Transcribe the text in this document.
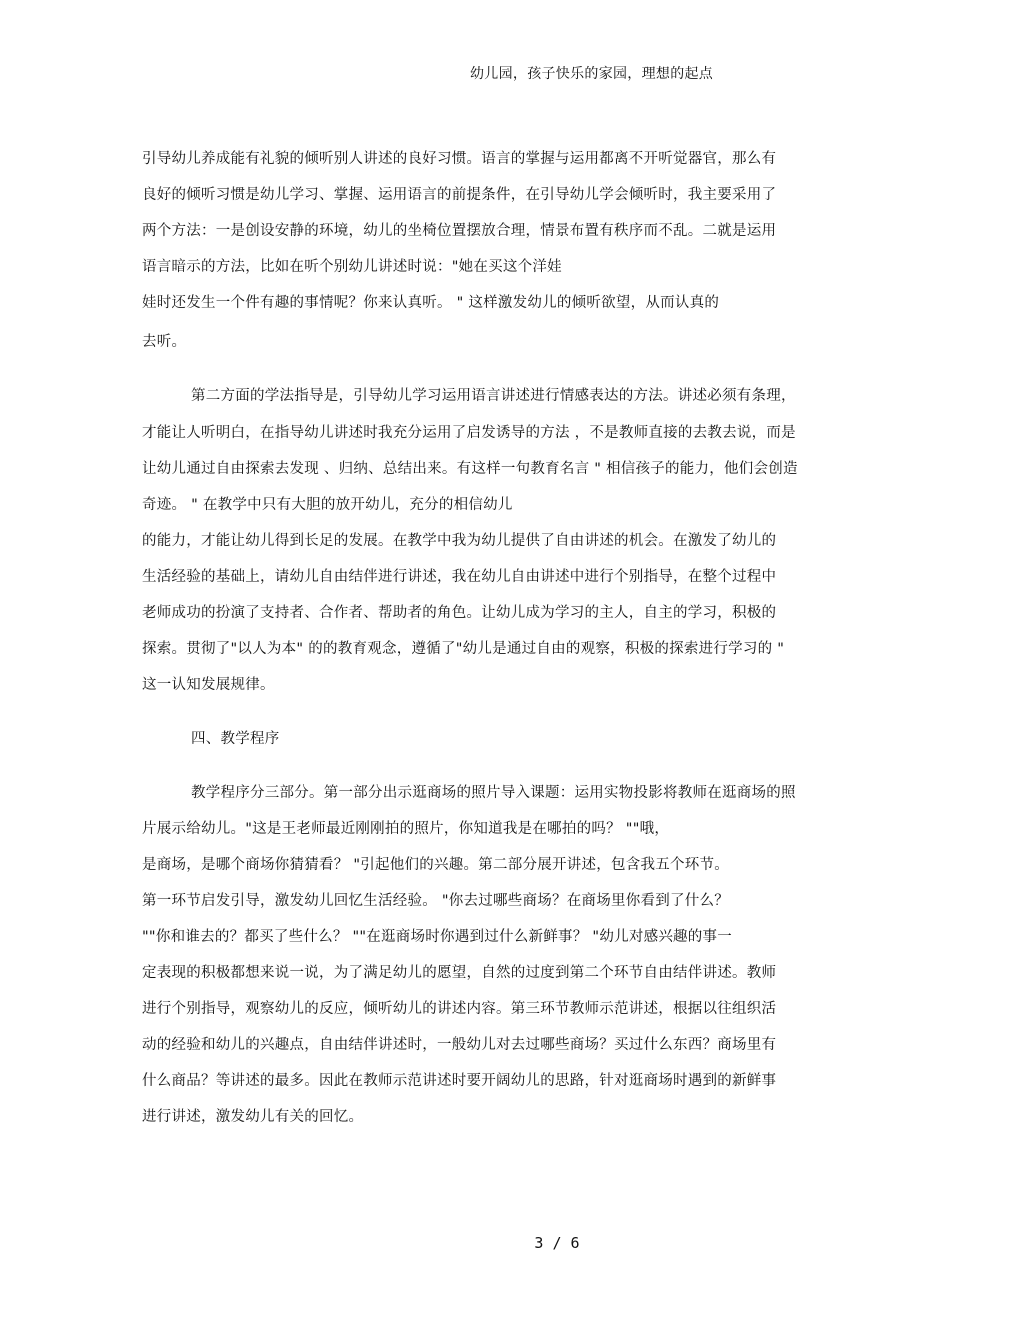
幼儿园，孩子快乐的家园，理想的起点
引导幼儿养成能有礼貌的倾听别人讲述的良好习惯。语言的掌握与运用都离不开听觉器官，那么有
良好的倾听习惯是幼儿学习、掌握、运用语言的前提条件，在引导幼儿学会倾听时，我主要采用了
两个方法：一是创设安静的环境，幼儿的坐椅位置摆放合理，情景布置有秩序而不乱。二就是运用
语言暗示的方法，比如在听个别幼儿讲述时说："她在买这个洋娃
娃时还发生一个件有趣的事情呢？你来认真听。 " 这样激发幼儿的倾听欲望，从而认真的
去听。
第二方面的学法指导是，引导幼儿学习运用语言讲述进行情感表达的方法。讲述必须有条理，
才能让人听明白，在指导幼儿讲述时我充分运用了启发诱导的方法 ，不是教师直接的去教去说，而是
让幼儿通过自由探索去发现 、归纳、总结出来。有这样一句教育名言 " 相信孩子的能力，他们会创造
奇迹。 " 在教学中只有大胆的放开幼儿，充分的相信幼儿
的能力，才能让幼儿得到长足的发展。在教学中我为幼儿提供了自由讲述的机会。在激发了幼儿的
生活经验的基础上，请幼儿自由结伴进行讲述，我在幼儿自由讲述中进行个别指导，在整个过程中
老师成功的扮演了支持者、合作者、帮助者的角色。让幼儿成为学习的主人，自主的学习，积极的
探索。贯彻了"以人为本" 的的教育观念，遵循了"幼儿是通过自由的观察，积极的探索进行学习的 "
这一认知发展规律。
四、教学程序
教学程序分三部分。第一部分出示逛商场的照片导入课题：运用实物投影将教师在逛商场的照
片展示给幼儿。"这是王老师最近刚刚拍的照片，你知道我是在哪拍的吗？ ""哦，
是商场，是哪个商场你猜猜看？ "引起他们的兴趣。第二部分展开讲述，包含我五个环节。
第一环节启发引导，激发幼儿回忆生活经验。 "你去过哪些商场？在商场里你看到了什么？
""你和谁去的？都买了些什么？ ""在逛商场时你遇到过什么新鲜事？ "幼儿对感兴趣的事一
定表现的积极都想来说一说，为了满足幼儿的愿望，自然的过度到第二个环节自由结伴讲述。教师
进行个别指导，观察幼儿的反应，倾听幼儿的讲述内容。第三环节教师示范讲述，根据以往组织活
动的经验和幼儿的兴趣点，自由结伴讲述时，一般幼儿对去过哪些商场？买过什么东西？商场里有
什么商品？等讲述的最多。因此在教师示范讲述时要开阔幼儿的思路，针对逛商场时遇到的新鲜事
进行讲述，激发幼儿有关的回忆。
3 / 6
